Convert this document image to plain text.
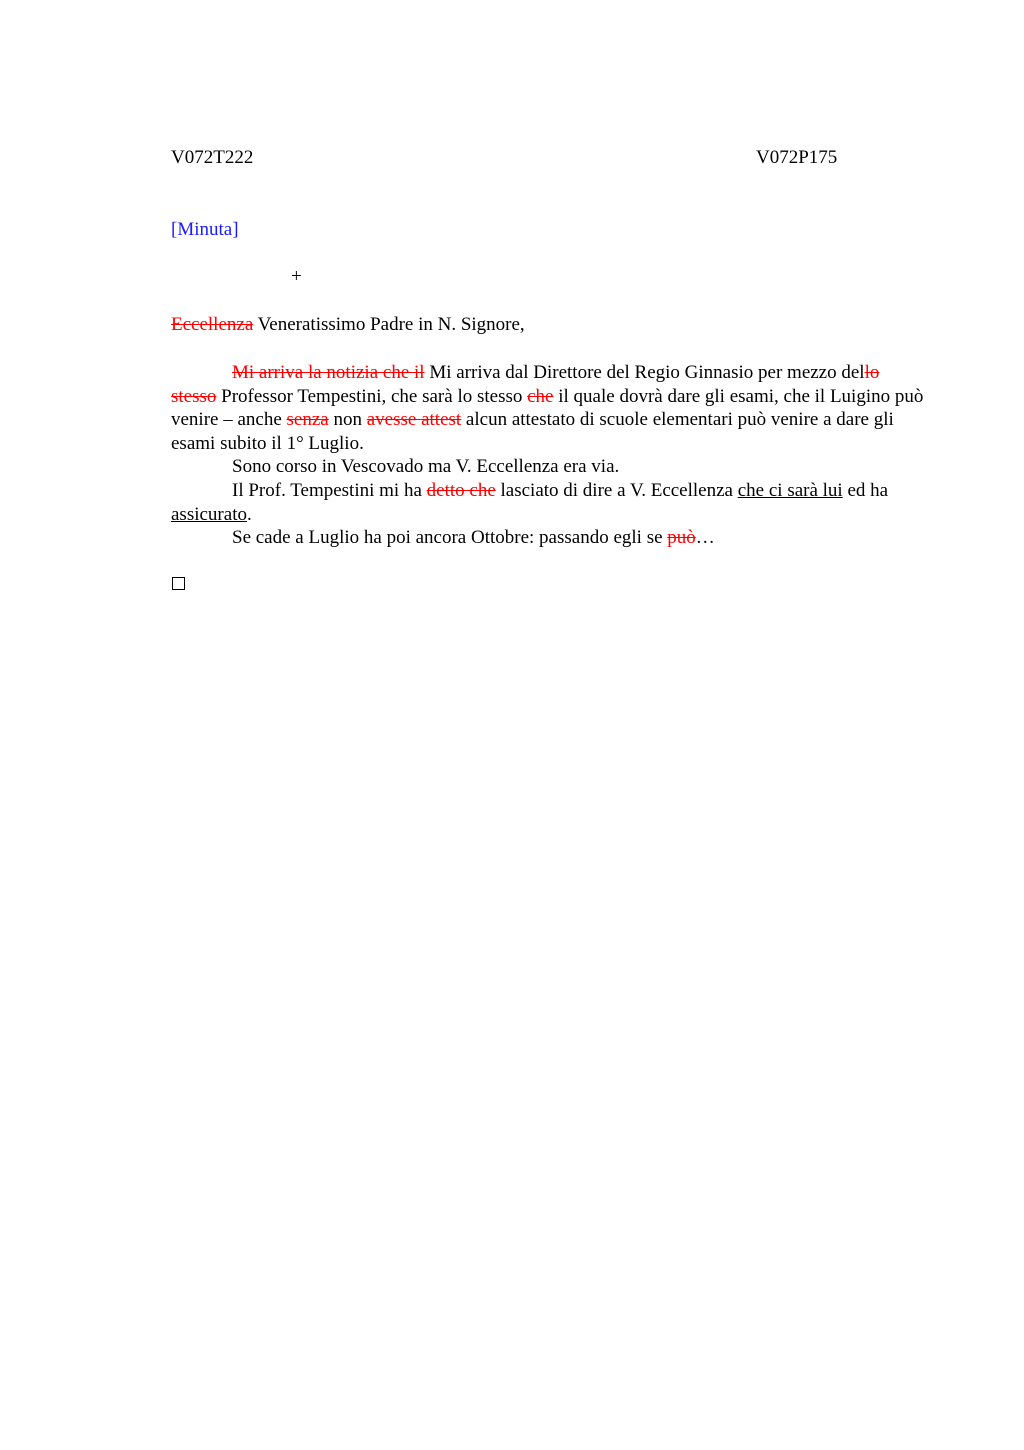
V072T222	V072P175
[Minuta]
+
Eccellenza Veneratissimo Padre in N. Signore,

Mi arriva la notizia che il Mi arriva dal Direttore del Regio Ginnasio per mezzo dello stesso Professor Tempestini, che sarà lo stesso che il quale dovrà dare gli esami, che il Luigino può venire – anche senza non avesse attest alcun attestato di scuole elementari può venire a dare gli esami subito il 1° Luglio.

Sono corso in Vescovado ma V. Eccellenza era via.

Il Prof. Tempestini mi ha detto che lasciato di dire a V. Eccellenza che ci sarà lui ed ha assicurato.

Se cade a Luglio ha poi ancora Ottobre: passando egli se può…
